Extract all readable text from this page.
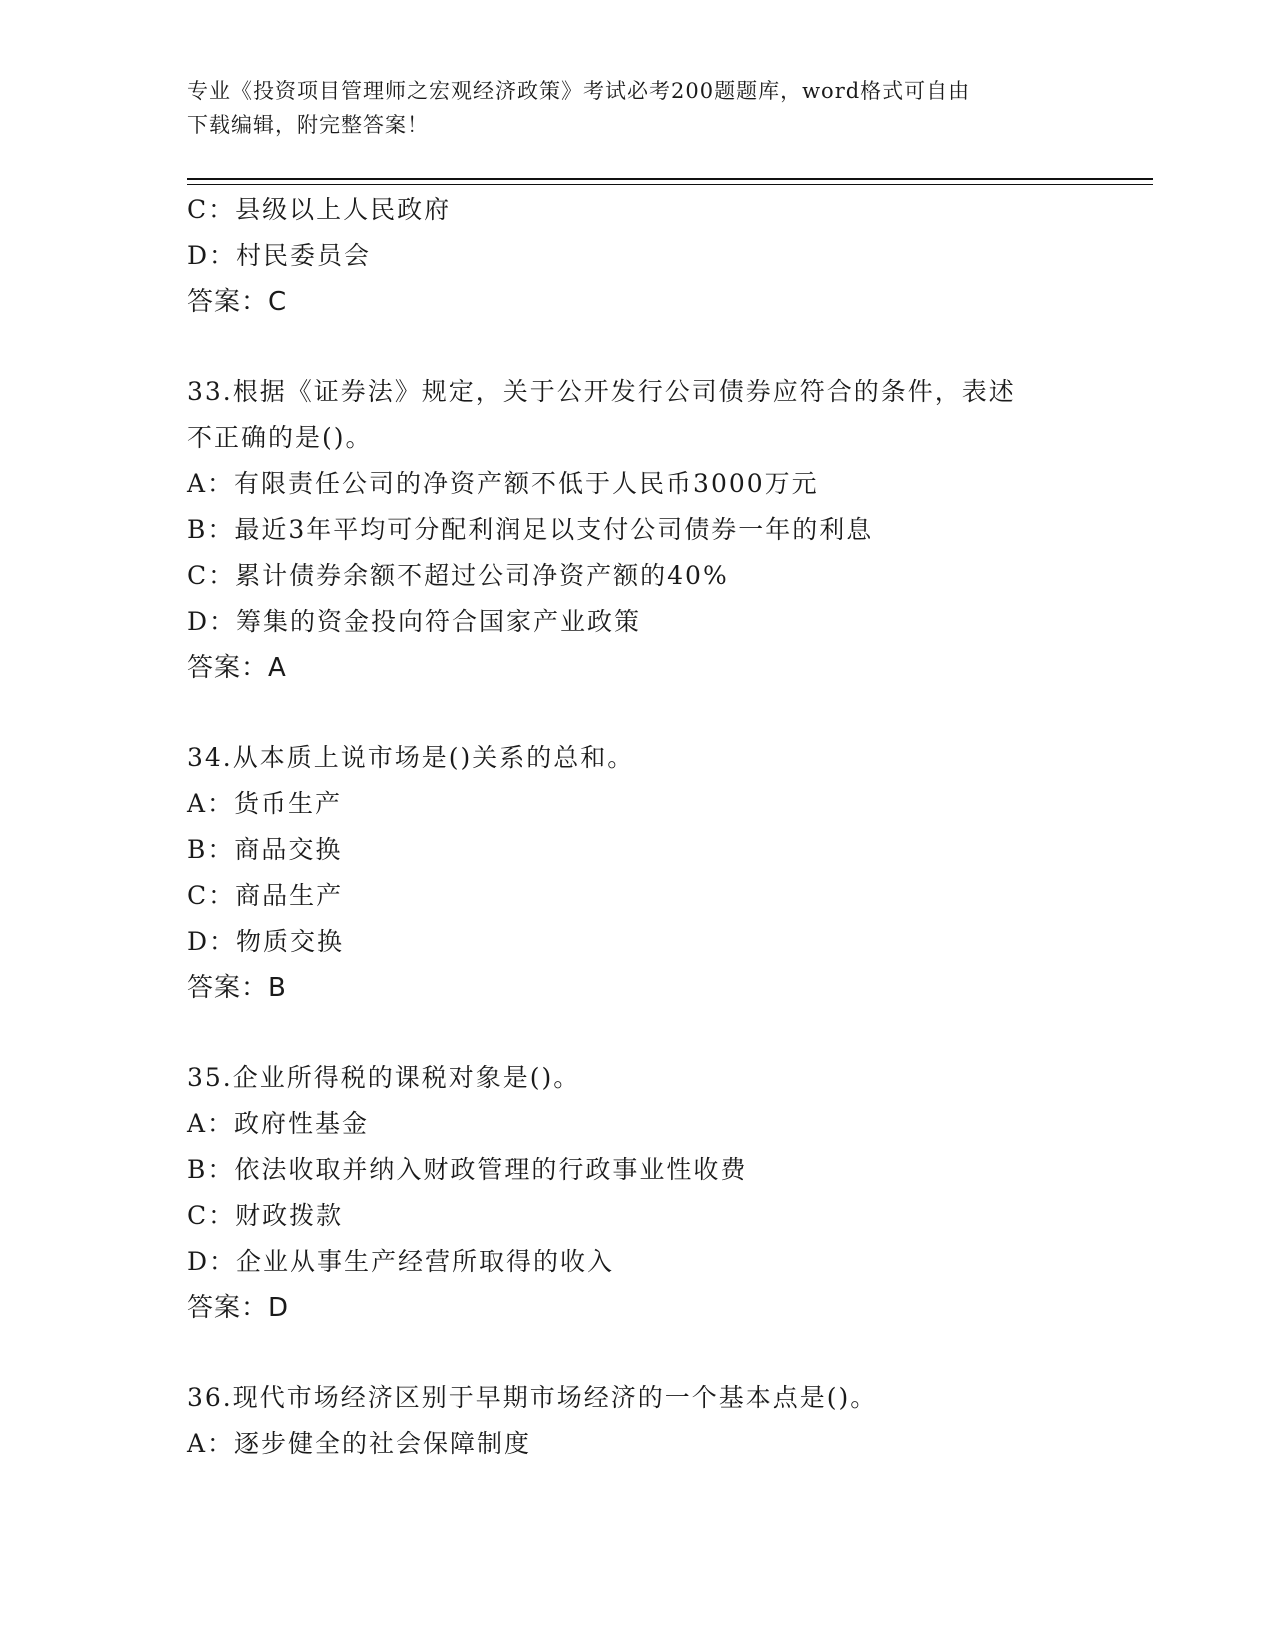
专业《投资项目管理师之宏观经济政策》考试必考200题题库，word格式可自由
下载编辑，附完整答案！
C：县级以上人民政府
D：村民委员会
答案：C
33.根据《证券法》规定，关于公开发行公司债券应符合的条件，表述
不正确的是()。
A：有限责任公司的净资产额不低于人民币3000万元
B：最近3年平均可分配利润足以支付公司债券一年的利息
C：累计债券余额不超过公司净资产额的40%
D：筹集的资金投向符合国家产业政策
答案：A
34.从本质上说市场是()关系的总和。
A：货币生产
B：商品交换
C：商品生产
D：物质交换
答案：B
35.企业所得税的课税对象是()。
A：政府性基金
B：依法收取并纳入财政管理的行政事业性收费
C：财政拨款
D：企业从事生产经营所取得的收入
答案：D
36.现代市场经济区别于早期市场经济的一个基本点是()。
A：逐步健全的社会保障制度
